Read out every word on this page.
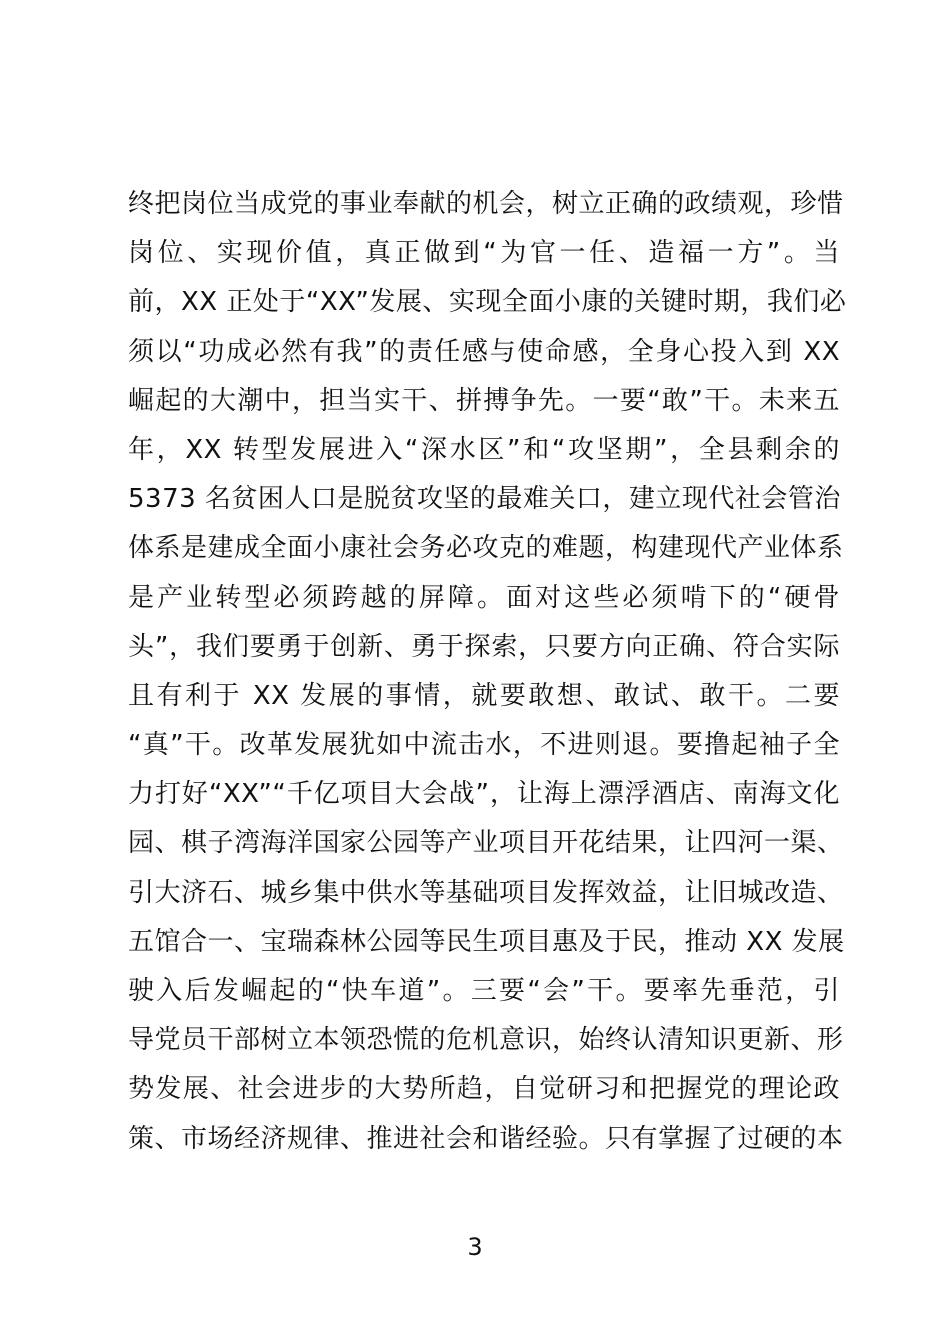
终把岗位当成党的事业奉献的机会，树立正确的政绩观，珍惜
岗位、实现价值，真正做到“为官一任、造福一方”。当
前，XX 正处于“XX”发展、实现全面小康的关键时期，我们必
须以“功成必然有我”的责任感与使命感，全身心投入到 XX
崛起的大潮中，担当实干、拼搏争先。一要“敢”干。未来五
年，XX 转型发展进入“深水区”和“攻坚期”，全县剩余的
5373 名贫困人口是脱贫攻坚的最难关口，建立现代社会管治
体系是建成全面小康社会务必攻克的难题，构建现代产业体系
是产业转型必须跨越的屏障。面对这些必须啃下的“硬骨
头”，我们要勇于创新、勇于探索，只要方向正确、符合实际
且有利于 XX 发展的事情，就要敢想、敢试、敢干。二要
“真”干。改革发展犹如中流击水，不进则退。要撸起袖子全
力打好“XX”“千亿项目大会战”，让海上漂浮酒店、南海文化
园、棋子湾海洋国家公园等产业项目开花结果，让四河一渠、
引大济石、城乡集中供水等基础项目发挥效益，让旧城改造、
五馆合一、宝瑞森林公园等民生项目惠及于民，推动 XX 发展
驶入后发崛起的“快车道”。三要“会”干。要率先垂范，引
导党员干部树立本领恐慌的危机意识，始终认清知识更新、形
势发展、社会进步的大势所趋，自觉研习和把握党的理论政
策、市场经济规律、推进社会和谐经验。只有掌握了过硬的本
3
